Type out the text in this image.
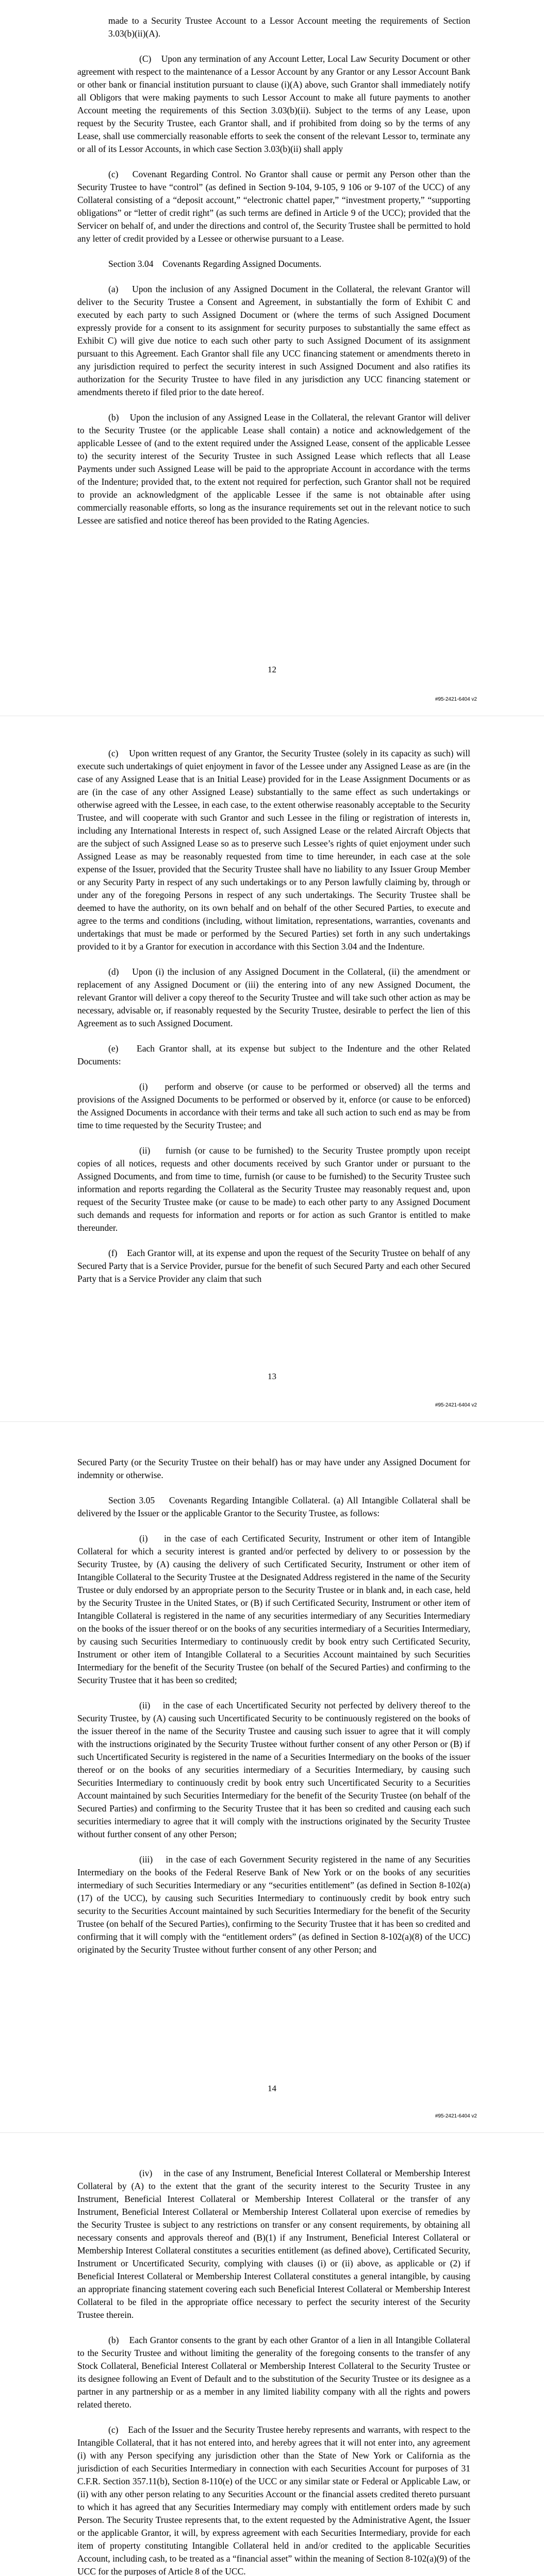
made to a Security Trustee Account to a Lessor Account meeting the requirements of Section 3.03(b)(ii)(A).

(C)    Upon any termination of any Account Letter, Local Law Security Document or other agreement with respect to the maintenance of a Lessor Account by any Grantor or any Lessor Account Bank or other bank or financial institution pursuant to clause (i)(A) above, such Grantor shall immediately notify all Obligors that were making payments to such Lessor Account to make all future payments to another Account meeting the requirements of this Section 3.03(b)(ii). Subject to the terms of any Lease, upon request by the Security Trustee, each Grantor shall, and if prohibited from doing so by the terms of any Lease, shall use commercially reasonable efforts to seek the consent of the relevant Lessor to, terminate any or all of its Lessor Accounts, in which case Section 3.03(b)(ii) shall apply

(c)    Covenant Regarding Control. No Grantor shall cause or permit any Person other than the Security Trustee to have “control” (as defined in Section 9-104, 9-105, 9 106 or 9-107 of the UCC) of any Collateral consisting of a “deposit account,” “electronic chattel paper,” “investment property,” “supporting obligations” or “letter of credit right” (as such terms are defined in Article 9 of the UCC); provided that the Servicer on behalf of, and under the directions and control of, the Security Trustee shall be permitted to hold any letter of credit provided by a Lessee or otherwise pursuant to a Lease.

Section 3.04    Covenants Regarding Assigned Documents.

(a)    Upon the inclusion of any Assigned Document in the Collateral, the relevant Grantor will deliver to the Security Trustee a Consent and Agreement, in substantially the form of Exhibit C and executed by each party to such Assigned Document or (where the terms of such Assigned Document expressly provide for a consent to its assignment for security purposes to substantially the same effect as Exhibit C) will give due notice to each such other party to such Assigned Document of its assignment pursuant to this Agreement. Each Grantor shall file any UCC financing statement or amendments thereto in any jurisdiction required to perfect the security interest in such Assigned Document and also ratifies its authorization for the Security Trustee to have filed in any jurisdiction any UCC financing statement or amendments thereto if filed prior to the date hereof.

(b)    Upon the inclusion of any Assigned Lease in the Collateral, the relevant Grantor will deliver to the Security Trustee (or the applicable Lease shall contain) a notice and acknowledgement of the applicable Lessee of (and to the extent required under the Assigned Lease, consent of the applicable Lessee to) the security interest of the Security Trustee in such Assigned Lease which reflects that all Lease Payments under such Assigned Lease will be paid to the appropriate Account in accordance with the terms of the Indenture; provided that, to the extent not required for perfection, such Grantor shall not be required to provide an acknowledgment of the applicable Lessee if the same is not obtainable after using commercially reasonable efforts, so long as the insurance requirements set out in the relevant notice to such Lessee are satisfied and notice thereof has been provided to the Rating Agencies.

12
#95-2421-6404 v2

(c)    Upon written request of any Grantor, the Security Trustee (solely in its capacity as such) will execute such undertakings of quiet enjoyment in favor of the Lessee under any Assigned Lease as are (in the case of any Assigned Lease that is an Initial Lease) provided for in the Lease Assignment Documents or as are (in the case of any other Assigned Lease) substantially to the same effect as such undertakings or otherwise agreed with the Lessee, in each case, to the extent otherwise reasonably acceptable to the Security Trustee, and will cooperate with such Grantor and such Lessee in the filing or registration of interests in, including any International Interests in respect of, such Assigned Lease or the related Aircraft Objects that are the subject of such Assigned Lease so as to preserve such Lessee’s rights of quiet enjoyment under such Assigned Lease as may be reasonably requested from time to time hereunder, in each case at the sole expense of the Issuer, provided that the Security Trustee shall have no liability to any Issuer Group Member or any Security Party in respect of any such undertakings or to any Person lawfully claiming by, through or under any of the foregoing Persons in respect of any such undertakings. The Security Trustee shall be deemed to have the authority, on its own behalf and on behalf of the other Secured Parties, to execute and agree to the terms and conditions (including, without limitation, representations, warranties, covenants and undertakings that must be made or performed by the Secured Parties) set forth in any such undertakings provided to it by a Grantor for execution in accordance with this Section 3.04 and the Indenture.

(d)    Upon (i) the inclusion of any Assigned Document in the Collateral, (ii) the amendment or replacement of any Assigned Document or (iii) the entering into of any new Assigned Document, the relevant Grantor will deliver a copy thereof to the Security Trustee and will take such other action as may be necessary, advisable or, if reasonably requested by the Security Trustee, desirable to perfect the lien of this Agreement as to such Assigned Document.

(e)    Each Grantor shall, at its expense but subject to the Indenture and the other Related Documents:

(i)    perform and observe (or cause to be performed or observed) all the terms and provisions of the Assigned Documents to be performed or observed by it, enforce (or cause to be enforced) the Assigned Documents in accordance with their terms and take all such action to such end as may be from time to time requested by the Security Trustee; and

(ii)    furnish (or cause to be furnished) to the Security Trustee promptly upon receipt copies of all notices, requests and other documents received by such Grantor under or pursuant to the Assigned Documents, and from time to time, furnish (or cause to be furnished) to the Security Trustee such information and reports regarding the Collateral as the Security Trustee may reasonably request and, upon request of the Security Trustee make (or cause to be made) to each other party to any Assigned Document such demands and requests for information and reports or for action as such Grantor is entitled to make thereunder.

(f)    Each Grantor will, at its expense and upon the request of the Security Trustee on behalf of any Secured Party that is a Service Provider, pursue for the benefit of such Secured Party and each other Secured Party that is a Service Provider any claim that such

13
#95-2421-6404 v2

Secured Party (or the Security Trustee on their behalf) has or may have under any Assigned Document for indemnity or otherwise.

Section 3.05    Covenants Regarding Intangible Collateral. (a) All Intangible Collateral shall be delivered by the Issuer or the applicable Grantor to the Security Trustee, as follows:

(i)    in the case of each Certificated Security, Instrument or other item of Intangible Collateral for which a security interest is granted and/or perfected by delivery to or possession by the Security Trustee, by (A) causing the delivery of such Certificated Security, Instrument or other item of Intangible Collateral to the Security Trustee at the Designated Address registered in the name of the Security Trustee or duly endorsed by an appropriate person to the Security Trustee or in blank and, in each case, held by the Security Trustee in the United States, or (B) if such Certificated Security, Instrument or other item of Intangible Collateral is registered in the name of any securities intermediary of any Securities Intermediary on the books of the issuer thereof or on the books of any securities intermediary of a Securities Intermediary, by causing such Securities Intermediary to continuously credit by book entry such Certificated Security, Instrument or other item of Intangible Collateral to a Securities Account maintained by such Securities Intermediary for the benefit of the Security Trustee (on behalf of the Secured Parties) and confirming to the Security Trustee that it has been so credited;

(ii)    in the case of each Uncertificated Security not perfected by delivery thereof to the Security Trustee, by (A) causing such Uncertificated Security to be continuously registered on the books of the issuer thereof in the name of the Security Trustee and causing such issuer to agree that it will comply with the instructions originated by the Security Trustee without further consent of any other Person or (B) if such Uncertificated Security is registered in the name of a Securities Intermediary on the books of the issuer thereof or on the books of any securities intermediary of a Securities Intermediary, by causing such Securities Intermediary to continuously credit by book entry such Uncertificated Security to a Securities Account maintained by such Securities Intermediary for the benefit of the Security Trustee (on behalf of the Secured Parties) and confirming to the Security Trustee that it has been so credited and causing each such securities intermediary to agree that it will comply with the instructions originated by the Security Trustee without further consent of any other Person;

(iii)    in the case of each Government Security registered in the name of any Securities Intermediary on the books of the Federal Reserve Bank of New York or on the books of any securities intermediary of such Securities Intermediary or any “securities entitlement” (as defined in Section 8-102(a)(17) of the UCC), by causing such Securities Intermediary to continuously credit by book entry such security to the Securities Account maintained by such Securities Intermediary for the benefit of the Security Trustee (on behalf of the Secured Parties), confirming to the Security Trustee that it has been so credited and confirming that it will comply with the “entitlement orders” (as defined in Section 8-102(a)(8) of the UCC) originated by the Security Trustee without further consent of any other Person; and

14
#95-2421-6404 v2

(iv)    in the case of any Instrument, Beneficial Interest Collateral or Membership Interest Collateral by (A) to the extent that the grant of the security interest to the Security Trustee in any Instrument, Beneficial Interest Collateral or Membership Interest Collateral or the transfer of any Instrument, Beneficial Interest Collateral or Membership Interest Collateral upon exercise of remedies by the Security Trustee is subject to any restrictions on transfer or any consent requirements, by obtaining all necessary consents and approvals thereof and (B)(1) if any Instrument, Beneficial Interest Collateral or Membership Interest Collateral constitutes a securities entitlement (as defined above), Certificated Security, Instrument or Uncertificated Security, complying with clauses (i) or (ii) above, as applicable or (2) if Beneficial Interest Collateral or Membership Interest Collateral constitutes a general intangible, by causing an appropriate financing statement covering each such Beneficial Interest Collateral or Membership Interest Collateral to be filed in the appropriate office necessary to perfect the security interest of the Security Trustee therein.

(b)    Each Grantor consents to the grant by each other Grantor of a lien in all Intangible Collateral to the Security Trustee and without limiting the generality of the foregoing consents to the transfer of any Stock Collateral, Beneficial Interest Collateral or Membership Interest Collateral to the Security Trustee or its designee following an Event of Default and to the substitution of the Security Trustee or its designee as a partner in any partnership or as a member in any limited liability company with all the rights and powers related thereto.

(c)    Each of the Issuer and the Security Trustee hereby represents and warrants, with respect to the Intangible Collateral, that it has not entered into, and hereby agrees that it will not enter into, any agreement (i) with any Person specifying any jurisdiction other than the State of New York or California as the jurisdiction of each Securities Intermediary in connection with each Securities Account for purposes of 31 C.F.R. Section 357.11(b), Section 8-110(e) of the UCC or any similar state or Federal or Applicable Law, or (ii) with any other person relating to any Securities Account or the financial assets credited thereto pursuant to which it has agreed that any Securities Intermediary may comply with entitlement orders made by such Person. The Security Trustee represents that, to the extent requested by the Administrative Agent, the Issuer or the applicable Grantor, it will, by express agreement with each Securities Intermediary, provide for each item of property constituting Intangible Collateral held in and/or credited to the applicable Securities Account, including cash, to be treated as a “financial asset” within the meaning of Section 8-102(a)(9) of the UCC for the purposes of Article 8 of the UCC.
